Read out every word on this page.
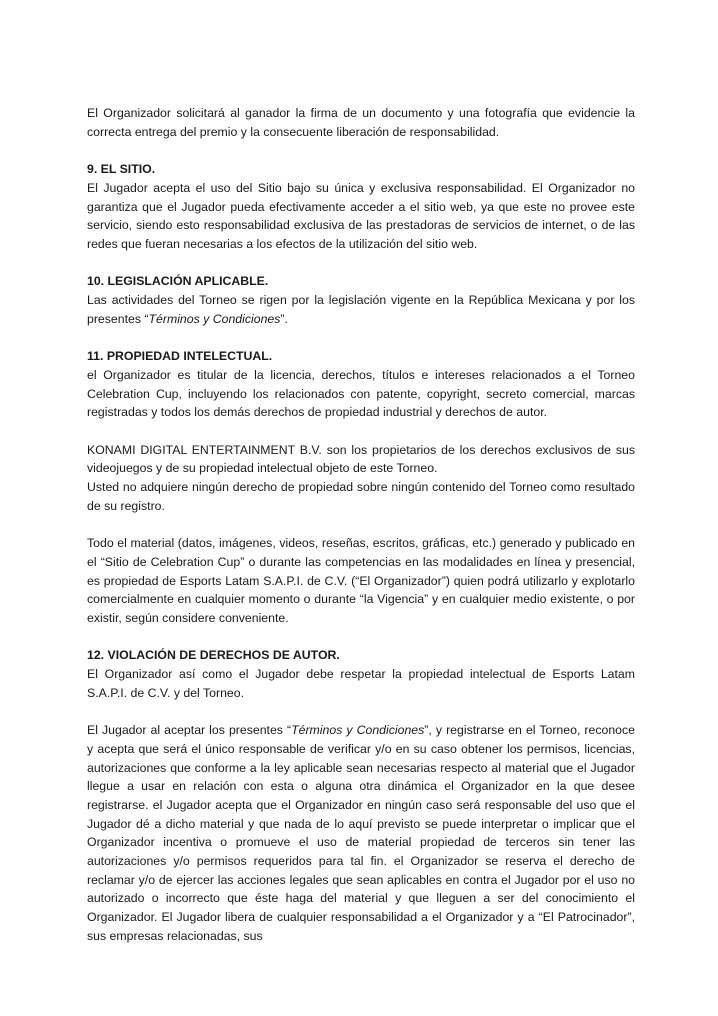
El Organizador solicitará al ganador la firma de un documento y una fotografía que evidencie la correcta entrega del premio y la consecuente liberación de responsabilidad.

9. EL SITIO.

El Jugador acepta el uso del Sitio bajo su única y exclusiva responsabilidad. El Organizador no garantiza que el Jugador pueda efectivamente acceder a el sitio web, ya que este no provee este servicio, siendo esto responsabilidad exclusiva de las prestadoras de servicios de internet, o de las redes que fueran necesarias a los efectos de la utilización del sitio web.

10. LEGISLACIÓN APLICABLE.

Las actividades del Torneo se rigen por la legislación vigente en la República Mexicana y por los presentes “Términos y Condiciones”.

11. PROPIEDAD INTELECTUAL.

el Organizador es titular de la licencia, derechos, títulos e intereses relacionados a el Torneo Celebration Cup, incluyendo los relacionados con patente, copyright, secreto comercial, marcas registradas y todos los demás derechos de propiedad industrial y derechos de autor.

KONAMI DIGITAL ENTERTAINMENT B.V. son los propietarios de los derechos exclusivos de sus videojuegos y de su propiedad intelectual objeto de este Torneo.

Usted no adquiere ningún derecho de propiedad sobre ningún contenido del Torneo como resultado de su registro.

Todo el material (datos, imágenes, videos, reseñas, escritos, gráficas, etc.) generado y publicado en el “Sitio de Celebration Cup” o durante las competencias en las modalidades en línea y presencial, es propiedad de Esports Latam S.A.P.I. de C.V. (“El Organizador”) quien podrá utilizarlo y explotarlo comercialmente en cualquier momento o durante “la Vigencia” y en cualquier medio existente, o por existir, según considere conveniente.

12. VIOLACIÓN DE DERECHOS DE AUTOR.

El Organizador así como el Jugador debe respetar la propiedad intelectual de Esports Latam S.A.P.I. de C.V. y del Torneo.

El Jugador al aceptar los presentes “Términos y Condiciones”, y registrarse en el Torneo, reconoce y acepta que será el único responsable de verificar y/o en su caso obtener los permisos, licencias, autorizaciones que conforme a la ley aplicable sean necesarias respecto al material que el Jugador llegue a usar en relación con esta o alguna otra dinámica el Organizador en la que desee registrarse. el Jugador acepta que el Organizador en ningún caso será responsable del uso que el Jugador dé a dicho material y que nada de lo aquí previsto se puede interpretar o implicar que el Organizador incentiva o promueve el uso de material propiedad de terceros sin tener las autorizaciones y/o permisos requeridos para tal fin. el Organizador se reserva el derecho de reclamar y/o de ejercer las acciones legales que sean aplicables en contra el Jugador por el uso no autorizado o incorrecto que éste haga del material y que lleguen a ser del conocimiento el Organizador. El Jugador libera de cualquier responsabilidad a el Organizador y a “El Patrocinador”, sus empresas relacionadas, sus
